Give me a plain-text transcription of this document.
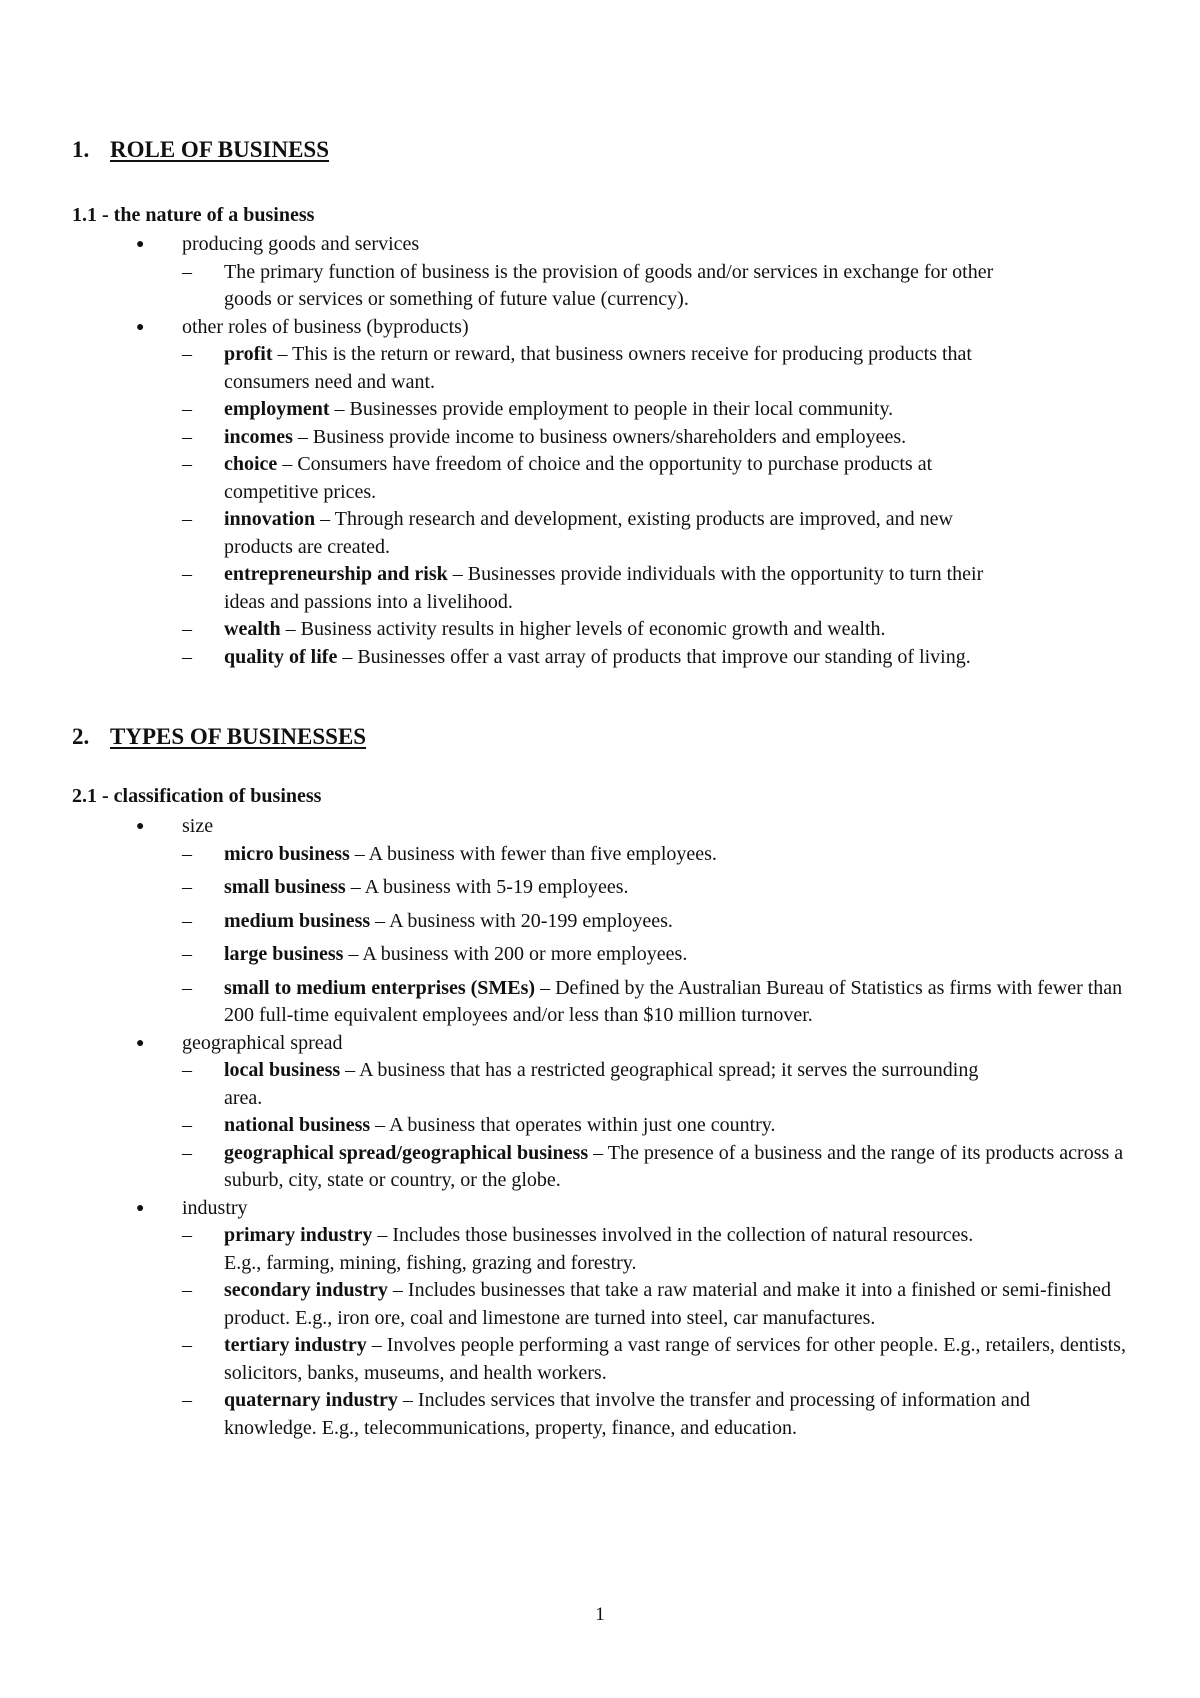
1. ROLE OF BUSINESS
1.1 - the nature of a business
●	producing goods and services
–	The primary function of business is the provision of goods and/or services in exchange for other goods or services or something of future value (currency).
●	other roles of business (byproducts)
–	profit – This is the return or reward, that business owners receive for producing products that consumers need and want.
–	employment – Businesses provide employment to people in their local community.
–	incomes – Business provide income to business owners/shareholders and employees.
–	choice – Consumers have freedom of choice and the opportunity to purchase products at competitive prices.
–	innovation – Through research and development, existing products are improved, and new products are created.
–	entrepreneurship and risk – Businesses provide individuals with the opportunity to turn their ideas and passions into a livelihood.
–	wealth – Business activity results in higher levels of economic growth and wealth.
–	quality of life – Businesses offer a vast array of products that improve our standing of living.
2. TYPES OF BUSINESSES
2.1 - classification of business
●	size
–	micro business – A business with fewer than five employees.
–	small business – A business with 5-19 employees.
–	medium business – A business with 20-199 employees.
–	large business – A business with 200 or more employees.
–	small to medium enterprises (SMEs) – Defined by the Australian Bureau of Statistics as firms with fewer than 200 full-time equivalent employees and/or less than $10 million turnover.
●	geographical spread
–	local business – A business that has a restricted geographical spread; it serves the surrounding area.
–	national business – A business that operates within just one country.
–	geographical spread/geographical business – The presence of a business and the range of its products across a suburb, city, state or country, or the globe.
●	industry
–	primary industry – Includes those businesses involved in the collection of natural resources. E.g., farming, mining, fishing, grazing and forestry.
–	secondary industry – Includes businesses that take a raw material and make it into a finished or semi-finished product. E.g., iron ore, coal and limestone are turned into steel, car manufactures.
–	tertiary industry – Involves people performing a vast range of services for other people. E.g., retailers, dentists, solicitors, banks, museums, and health workers.
–	quaternary industry – Includes services that involve the transfer and processing of information and knowledge. E.g., telecommunications, property, finance, and education.
1
